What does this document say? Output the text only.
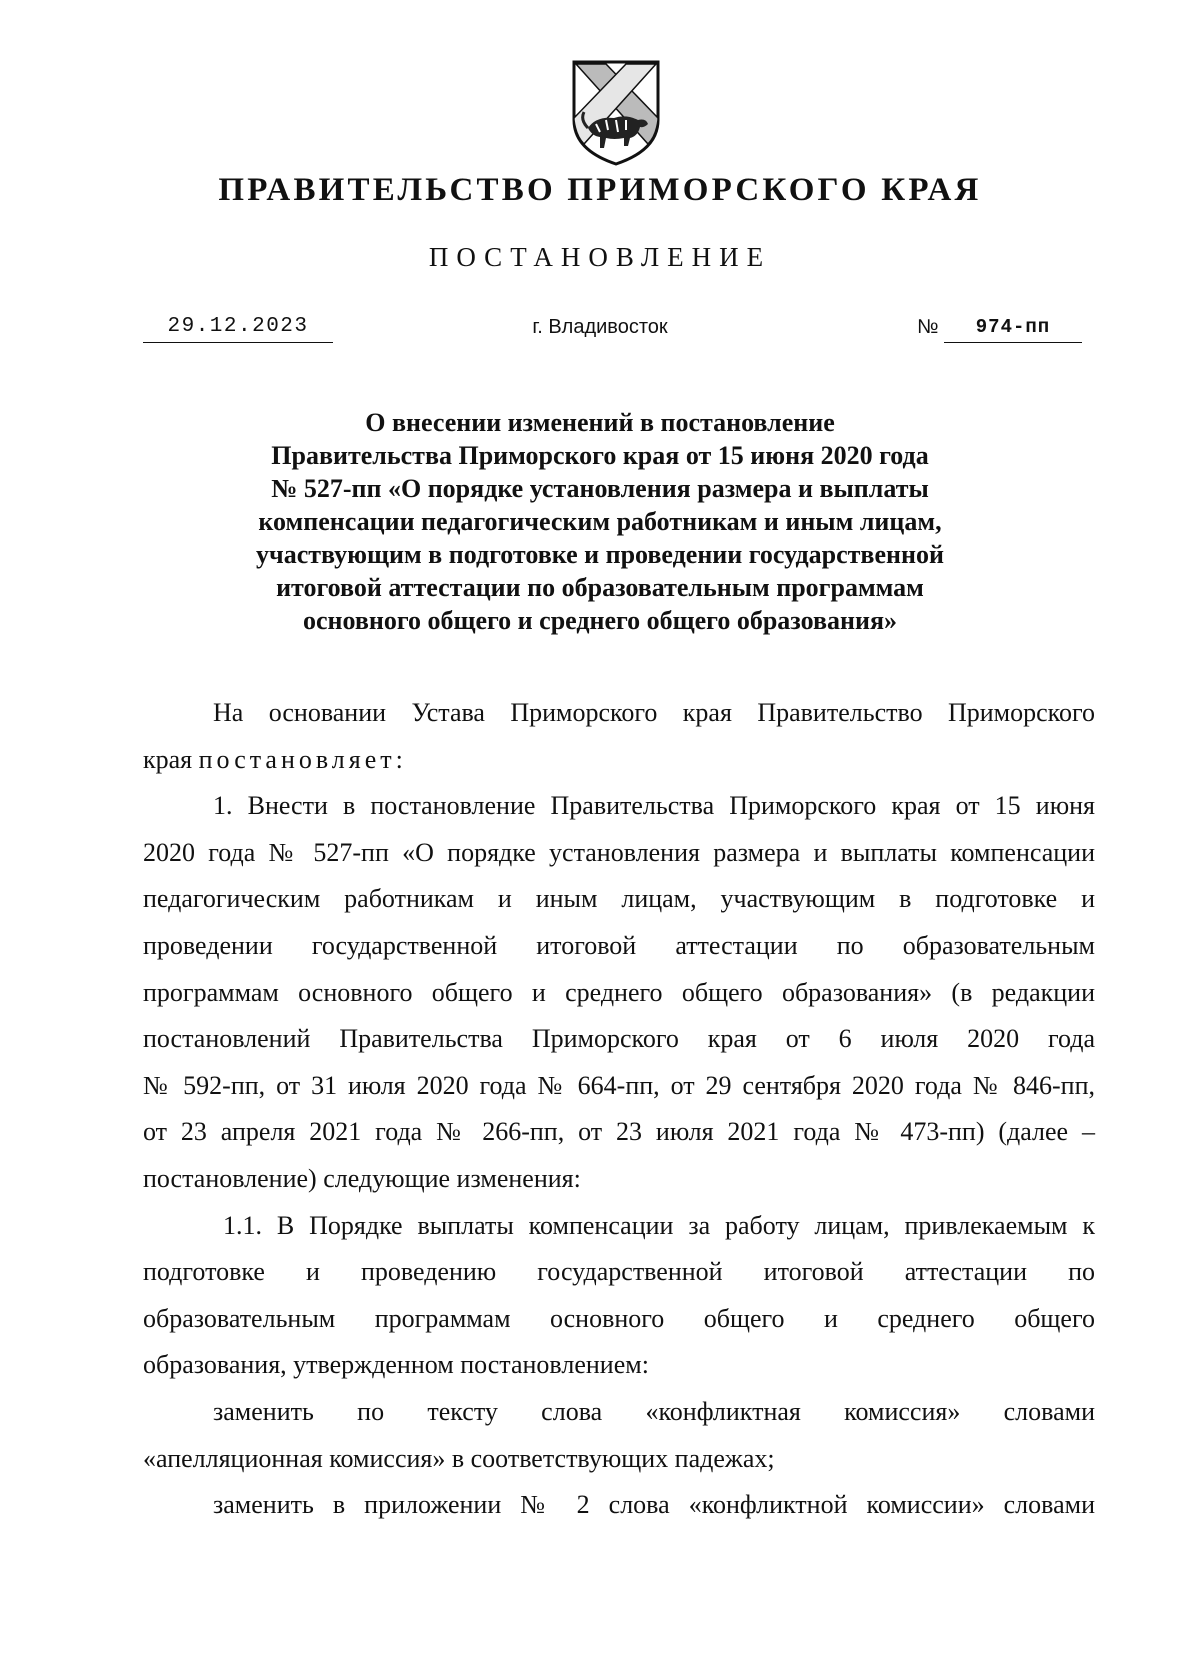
ПРАВИТЕЛЬСТВО ПРИМОРСКОГО КРАЯ
ПОСТАНОВЛЕНИЕ
29.12.2023	г. Владивосток	№	974-пп
О внесении изменений в постановление
Правительства Приморского края от 15 июня 2020 года
№ 527-пп «О порядке установления размера и выплаты
компенсации педагогическим работникам и иным лицам,
участвующим в подготовке и проведении государственной
итоговой аттестации по образовательным программам
основного общего и среднего общего образования»
На основании Устава Приморского края Правительство Приморского
края постановляет:
1. Внести в постановление Правительства Приморского края от 15 июня
2020 года № 527-пп «О порядке установления размера и выплаты компенсации
педагогическим работникам и иным лицам, участвующим в подготовке и
проведении государственной итоговой аттестации по образовательным
программам основного общего и среднего общего образования» (в редакции
постановлений Правительства Приморского края от 6 июля 2020 года
№ 592-пп, от 31 июля 2020 года № 664-пп, от 29 сентября 2020 года № 846-пп,
от 23 апреля 2021 года № 266-пп, от 23 июля 2021 года № 473-пп) (далее –
постановление) следующие изменения:
1.1. В Порядке выплаты компенсации за работу лицам, привлекаемым к
подготовке и проведению государственной итоговой аттестации по
образовательным программам основного общего и среднего общего
образования, утвержденном постановлением:
заменить по тексту слова «конфликтная комиссия» словами
«апелляционная комиссия» в соответствующих падежах;
заменить в приложении № 2 слова «конфликтной комиссии» словами
